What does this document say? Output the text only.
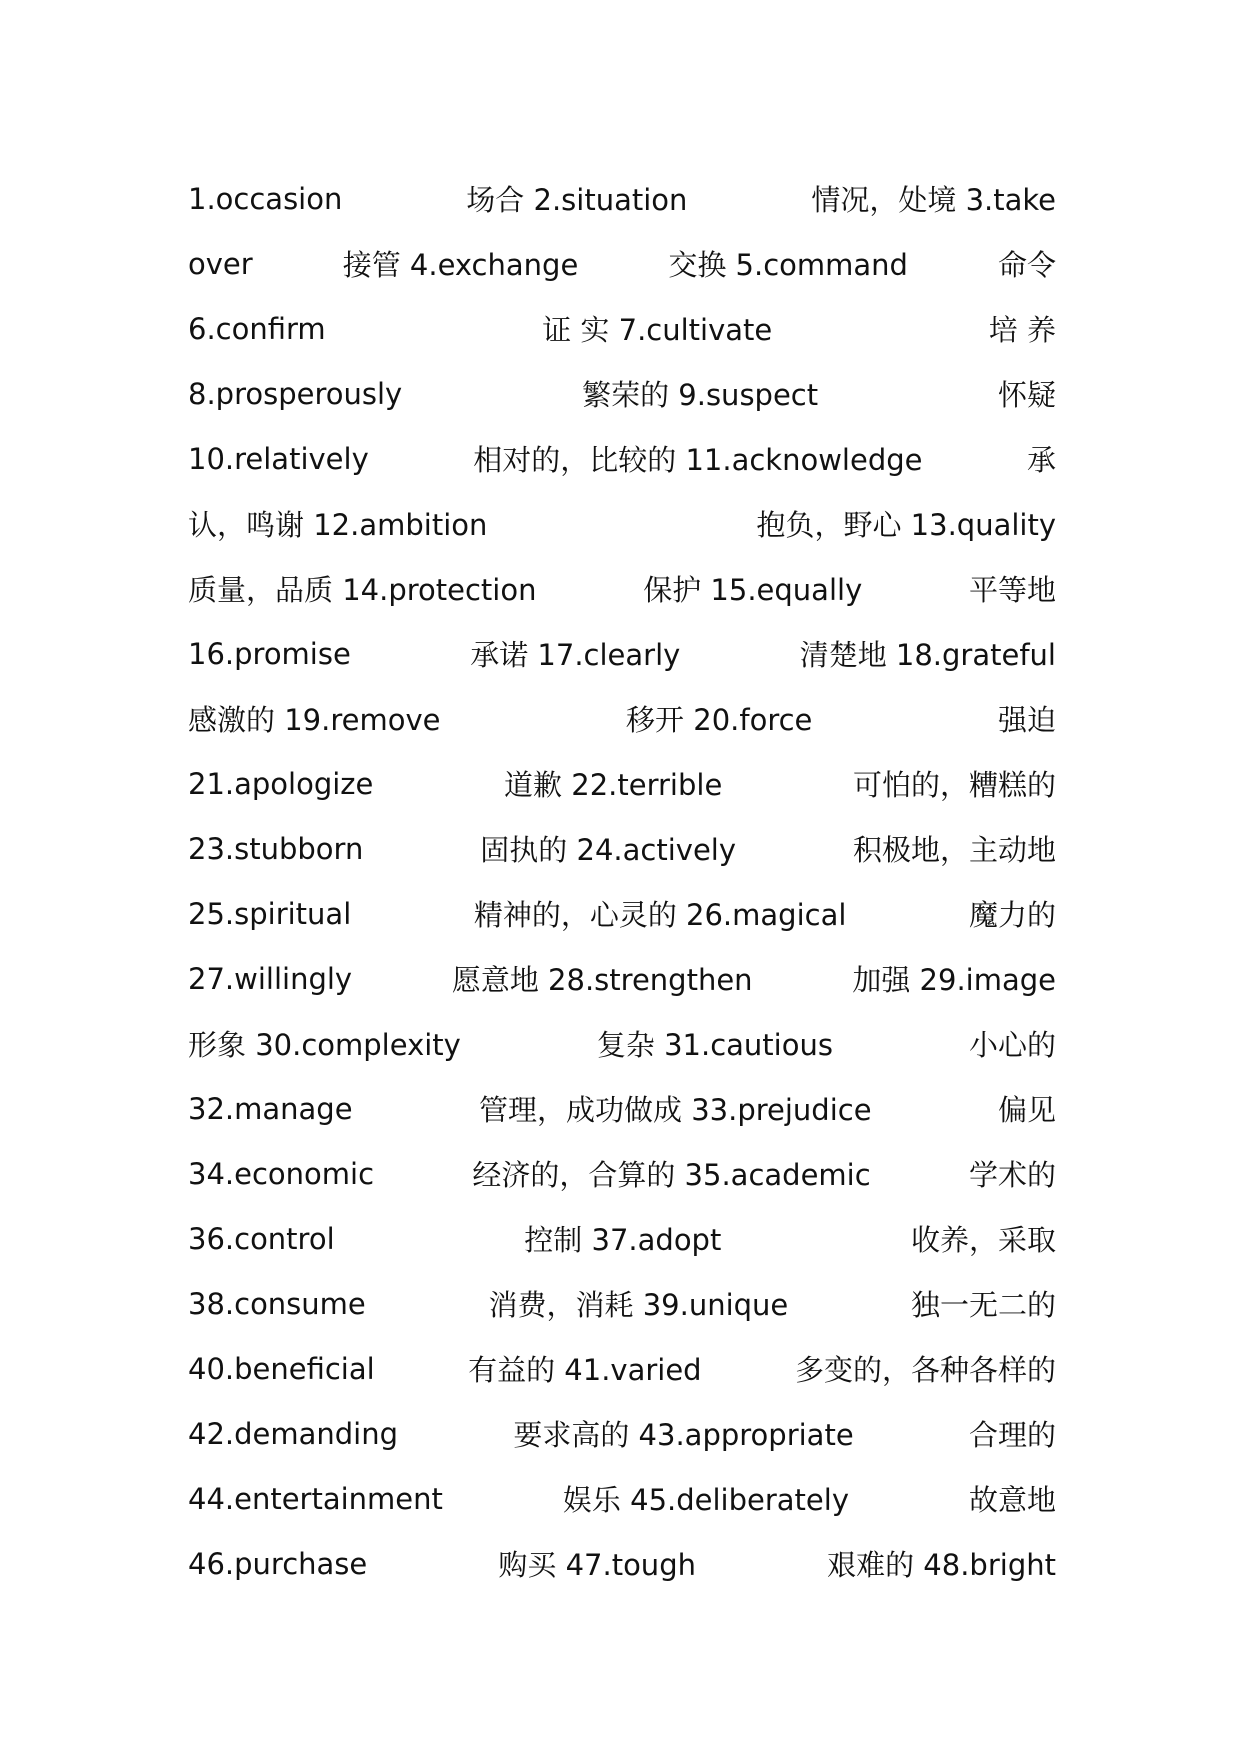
1.occasion	场合 2.situation	情况，处境 3.take
over	接管 4.exchange	交换 5.command	命令
6.confirm	证 实 7.cultivate	培 养
8.prosperously	繁荣的 9.suspect	怀疑
10.relatively	相对的，比较的 11.acknowledge	承
认，鸣谢 12.ambition	抱负，野心 13.quality
质量，品质 14.protection	保护 15.equally	平等地
16.promise	承诺 17.clearly	清楚地 18.grateful
感激的 19.remove	移开 20.force	强迫
21.apologize	道歉 22.terrible	可怕的，糟糕的
23.stubborn	固执的 24.actively	积极地，主动地
25.spiritual	精神的，心灵的 26.magical	魔力的
27.willingly	愿意地 28.strengthen	加强 29.image
形象 30.complexity	复杂 31.cautious	小心的
32.manage	管理，成功做成 33.prejudice	偏见
34.economic	经济的，合算的 35.academic	学术的
36.control	控制 37.adopt	收养，采取
38.consume	消费，消耗 39.unique	独一无二的
40.beneficial	有益的 41.varied	多变的，各种各样的
42.demanding	要求高的 43.appropriate	合理的
44.entertainment	娱乐 45.deliberately	故意地
46.purchase	购买 47.tough	艰难的 48.bright
